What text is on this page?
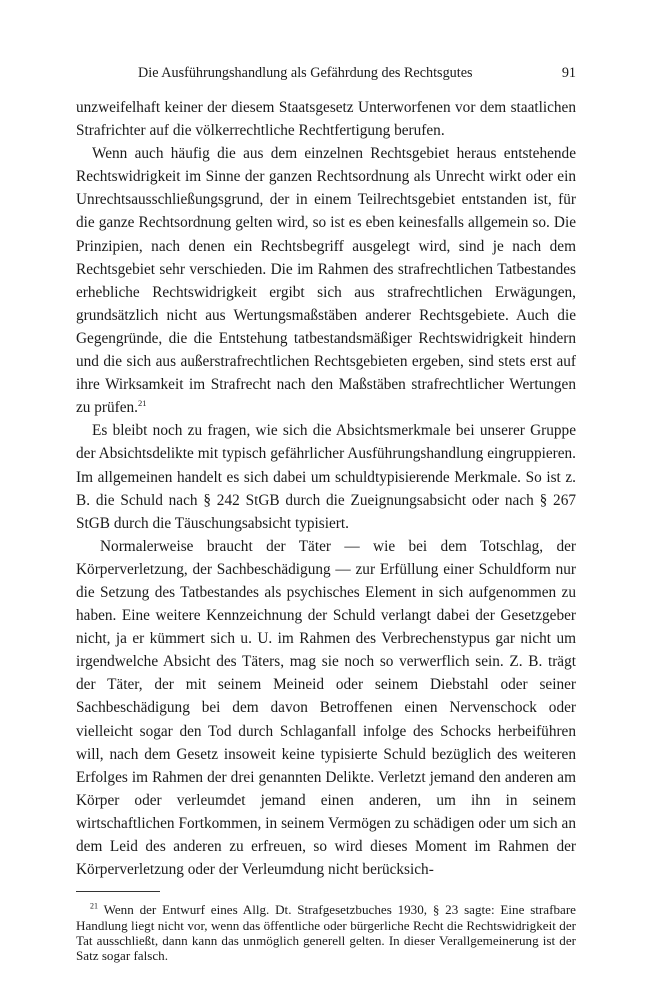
Die Ausführungshandlung als Gefährdung des Rechtsgutes	91

unzweifelhaft keiner der diesem Staatsgesetz Unterworfenen vor dem staatlichen Strafrichter auf die völkerrechtliche Rechtfertigung berufen.

Wenn auch häufig die aus dem einzelnen Rechtsgebiet heraus entstehende Rechtswidrigkeit im Sinne der ganzen Rechtsordnung als Unrecht wirkt oder ein Unrechtsausschließungsgrund, der in einem Teilrechtsgebiet entstanden ist, für die ganze Rechtsordnung gelten wird, so ist es eben keinesfalls allgemein so. Die Prinzipien, nach denen ein Rechtsbegriff ausgelegt wird, sind je nach dem Rechtsgebiet sehr verschieden. Die im Rahmen des strafrechtlichen Tatbestandes erhebliche Rechtswidrigkeit ergibt sich aus strafrechtlichen Erwägungen, grundsätzlich nicht aus Wertungsmaßstäben anderer Rechtsgebiete. Auch die Gegengründe, die die Entstehung tatbestandsmäßiger Rechtswidrigkeit hindern und die sich aus außerstrafrechtlichen Rechtsgebieten ergeben, sind stets erst auf ihre Wirksamkeit im Strafrecht nach den Maßstäben strafrechtlicher Wertungen zu prüfen.$^{21}$

Es bleibt noch zu fragen, wie sich die Absichtsmerkmale bei unserer Gruppe der Absichtsdelikte mit typisch gefährlicher Ausführungshandlung eingruppieren. Im allgemeinen handelt es sich dabei um schuldtypisierende Merkmale. So ist z. B. die Schuld nach § 242 StGB durch die Zueignungsabsicht oder nach § 267 StGB durch die Täuschungsabsicht typisiert.

Normalerweise braucht der Täter — wie bei dem Totschlag, der Körperverletzung, der Sachbeschädigung — zur Erfüllung einer Schuldform nur die Setzung des Tatbestandes als psychisches Element in sich aufgenommen zu haben. Eine weitere Kennzeichnung der Schuld verlangt dabei der Gesetzgeber nicht, ja er kümmert sich u. U. im Rahmen des Verbrechenstypus gar nicht um irgendwelche Absicht des Täters, mag sie noch so verwerflich sein. Z. B. trägt der Täter, der mit seinem Meineid oder seinem Diebstahl oder seiner Sachbeschädigung bei dem davon Betroffenen einen Nervenschock oder vielleicht sogar den Tod durch Schlaganfall infolge des Schocks herbeiführen will, nach dem Gesetz insoweit keine typisierte Schuld bezüglich des weiteren Erfolges im Rahmen der drei genannten Delikte. Verletzt jemand den anderen am Körper oder verleumdet jemand einen anderen, um ihn in seinem wirtschaftlichen Fortkommen, in seinem Vermögen zu schädigen oder um sich an dem Leid des anderen zu erfreuen, so wird dieses Moment im Rahmen der Körperverletzung oder der Verleumdung nicht berücksich-

$^{21}$ Wenn der Entwurf eines Allg. Dt. Strafgesetzbuches 1930, § 23 sagte: Eine strafbare Handlung liegt nicht vor, wenn das öffentliche oder bürgerliche Recht die Rechtswidrigkeit der Tat ausschließt, dann kann das unmöglich generell gelten. In dieser Verallgemeinerung ist der Satz sogar falsch.
